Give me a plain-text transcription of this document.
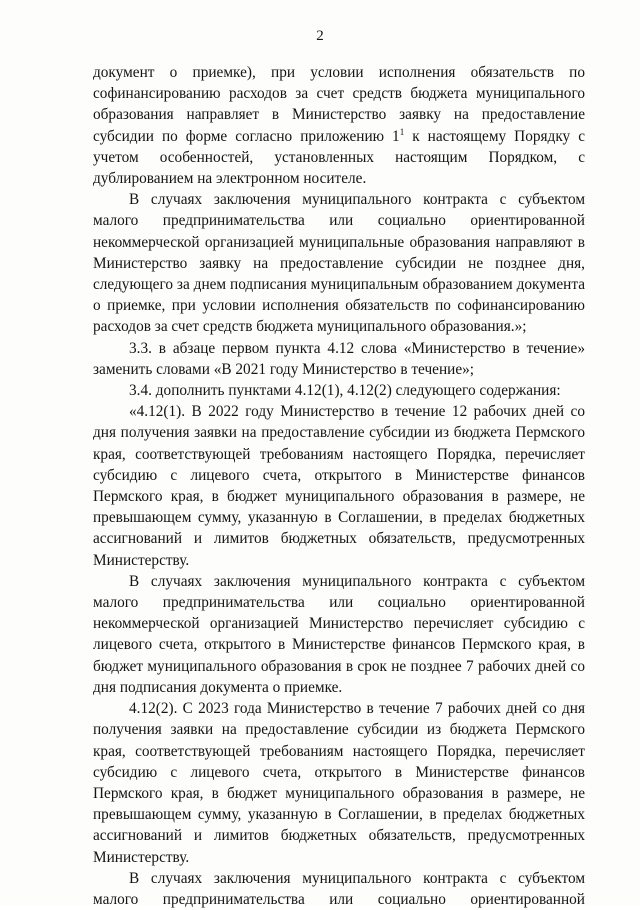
2

документ о приемке), при условии исполнения обязательств по софинансированию расходов за счет средств бюджета муниципального образования направляет в Министерство заявку на предоставление субсидии по форме согласно приложению $1^1$ к настоящему Порядку с учетом особенностей, установленных настоящим Порядком, с дублированием на электронном носителе.

В случаях заключения муниципального контракта с субъектом малого предпринимательства или социально ориентированной некоммерческой организацией муниципальные образования направляют в Министерство заявку на предоставление субсидии не позднее дня, следующего за днем подписания муниципальным образованием документа о приемке, при условии исполнения обязательств по софинансированию расходов за счет средств бюджета муниципального образования.»;

3.3. в абзаце первом пункта 4.12 слова «Министерство в течение» заменить словами «В 2021 году Министерство в течение»;

3.4. дополнить пунктами 4.12(1), 4.12(2) следующего содержания:

«4.12(1). В 2022 году Министерство в течение 12 рабочих дней со дня получения заявки на предоставление субсидии из бюджета Пермского края, соответствующей требованиям настоящего Порядка, перечисляет субсидию с лицевого счета, открытого в Министерстве финансов Пермского края, в бюджет муниципального образования в размере, не превышающем сумму, указанную в Соглашении, в пределах бюджетных ассигнований и лимитов бюджетных обязательств, предусмотренных Министерству.

В случаях заключения муниципального контракта с субъектом малого предпринимательства или социально ориентированной некоммерческой организацией Министерство перечисляет субсидию с лицевого счета, открытого в Министерстве финансов Пермского края, в бюджет муниципального образования в срок не позднее 7 рабочих дней со дня подписания документа о приемке.

4.12(2). С 2023 года Министерство в течение 7 рабочих дней со дня получения заявки на предоставление субсидии из бюджета Пермского края, соответствующей требованиям настоящего Порядка, перечисляет субсидию с лицевого счета, открытого в Министерстве финансов Пермского края, в бюджет муниципального образования в размере, не превышающем сумму, указанную в Соглашении, в пределах бюджетных ассигнований и лимитов бюджетных обязательств, предусмотренных Министерству.

В случаях заключения муниципального контракта с субъектом малого предпринимательства или социально ориентированной
